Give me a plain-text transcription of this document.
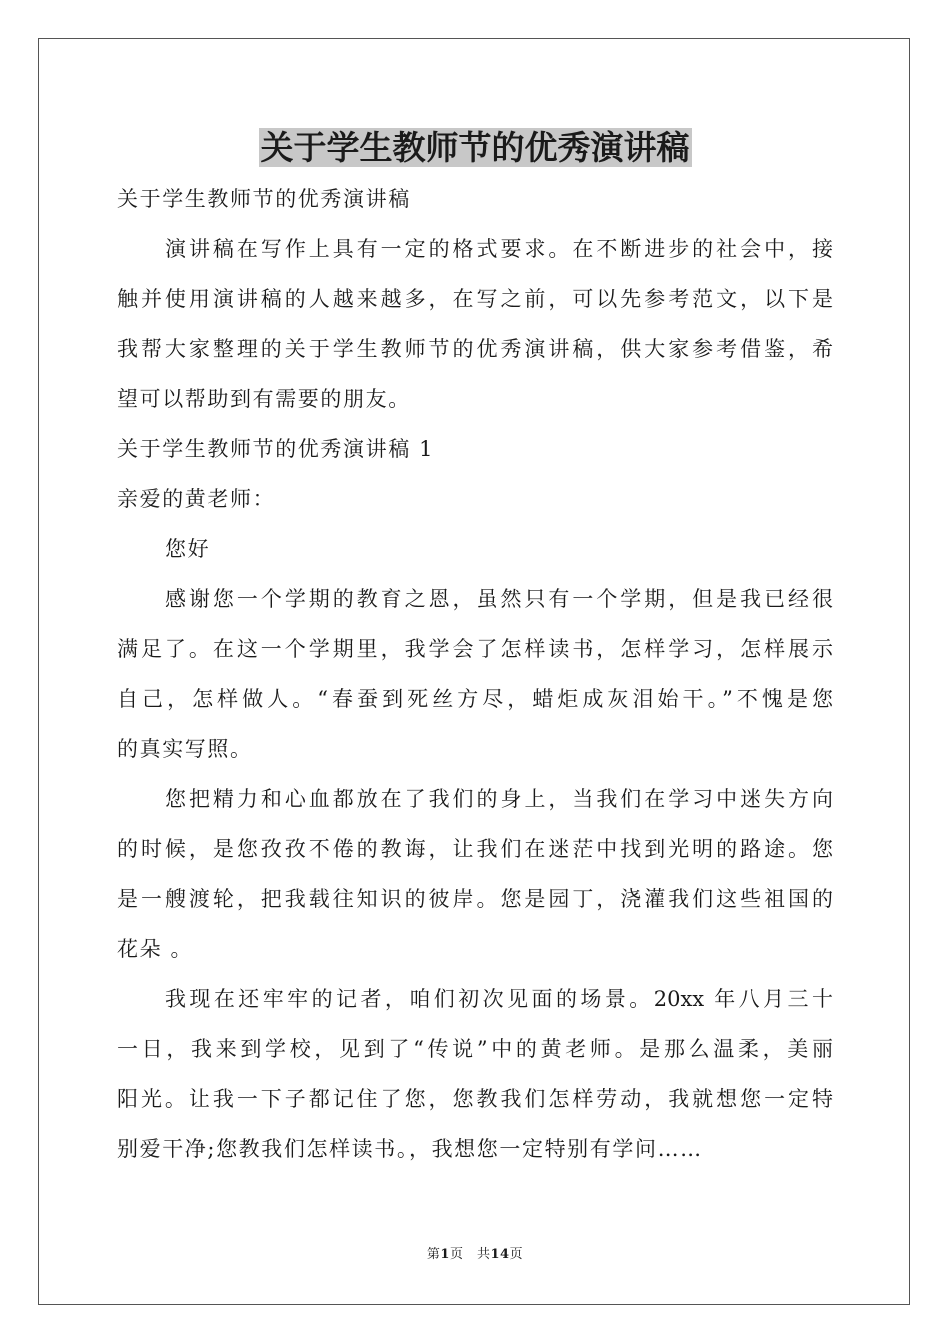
关于学生教师节的优秀演讲稿

关于学生教师节的优秀演讲稿

演讲稿在写作上具有一定的格式要求。在不断进步的社会中，接

触并使用演讲稿的人越来越多，在写之前，可以先参考范文，以下是

我帮大家整理的关于学生教师节的优秀演讲稿，供大家参考借鉴，希

望可以帮助到有需要的朋友。

关于学生教师节的优秀演讲稿 1

亲爱的黄老师：

您好

感谢您一个学期的教育之恩，虽然只有一个学期，但是我已经很

满足了。在这一个学期里，我学会了怎样读书，怎样学习，怎样展示

自己，怎样做人。“春蚕到死丝方尽，蜡炬成灰泪始干。”不愧是您

的真实写照。

您把精力和心血都放在了我们的身上，当我们在学习中迷失方向

的时候，是您孜孜不倦的教诲，让我们在迷茫中找到光明的路途。您

是一艘渡轮，把我载往知识的彼岸。您是园丁，浇灌我们这些祖国的

花朵 。

我现在还牢牢的记者，咱们初次见面的场景。20xx 年八月三十

一日，我来到学校，见到了“传说”中的黄老师。是那么温柔，美丽

阳光。让我一下子都记住了您，您教我们怎样劳动，我就想您一定特

别爱干净;您教我们怎样读书。，我想您一定特别有学问……

第1页　共14页
